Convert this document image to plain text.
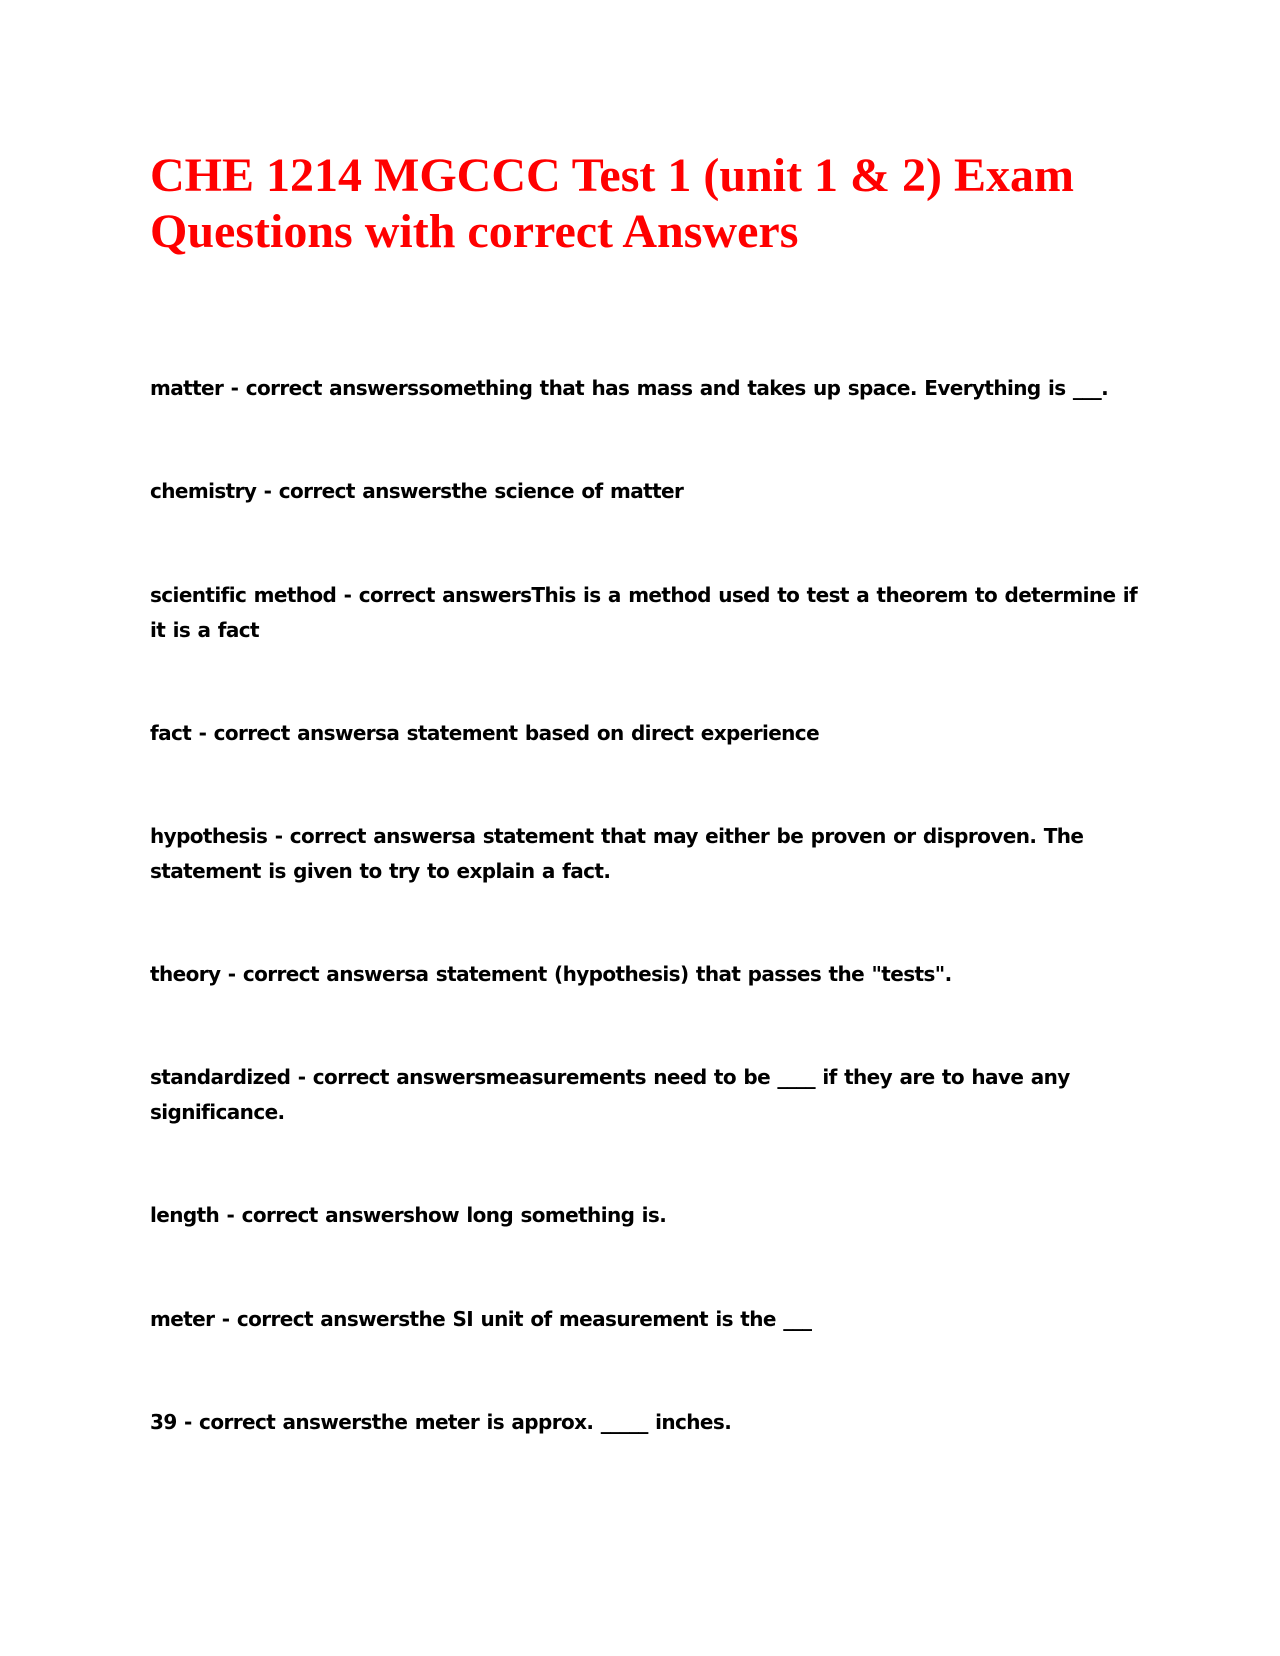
CHE 1214 MGCCC Test 1 (unit 1 & 2) Exam Questions with correct Answers
matter - correct answerssomething that has mass and takes up space. Everything is ___.
chemistry - correct answersthe science of matter
scientific method - correct answersThis is a method used to test a theorem to determine if it is a fact
fact - correct answersa statement based on direct experience
hypothesis - correct answersa statement that may either be proven or disproven. The statement is given to try to explain a fact.
theory - correct answersa statement (hypothesis) that passes the "tests".
standardized - correct answersmeasurements need to be ____ if they are to have any significance.
length - correct answershow long something is.
meter - correct answersthe SI unit of measurement is the ___
39 - correct answersthe meter is approx. _____ inches.
